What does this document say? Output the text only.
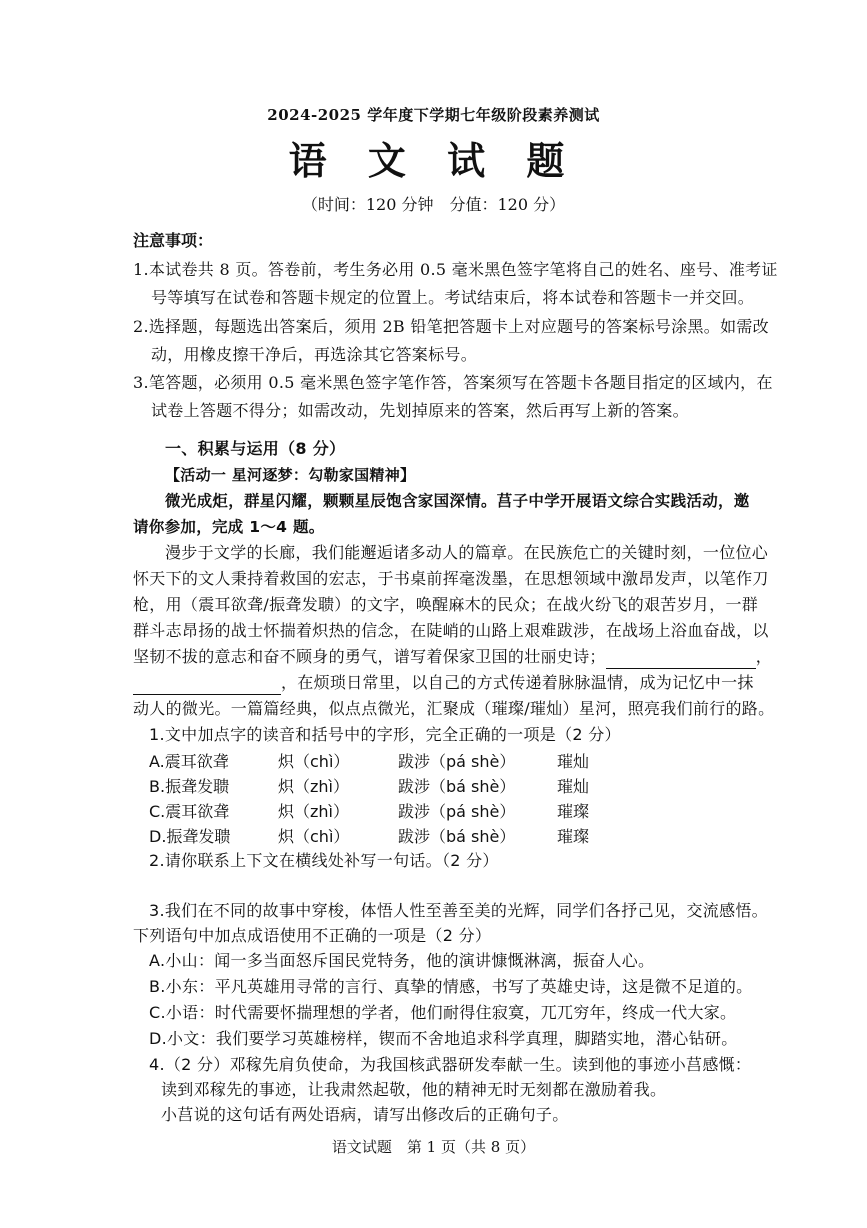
2024-2025 学年度下学期七年级阶段素养测试
语 文 试 题
（时间：120 分钟　分值：120 分）
注意事项：
1.本试卷共 8 页。答卷前，考生务必用 0.5 毫米黑色签字笔将自己的姓名、座号、准考证
号等填写在试卷和答题卡规定的位置上。考试结束后，将本试卷和答题卡一并交回。
2.选择题，每题选出答案后，须用 2B 铅笔把答题卡上对应题号的答案标号涂黑。如需改
动，用橡皮擦干净后，再选涂其它答案标号。
3.笔答题，必须用 0.5 毫米黑色签字笔作答，答案须写在答题卡各题目指定的区域内，在
试卷上答题不得分；如需改动，先划掉原来的答案，然后再写上新的答案。
一、积累与运用（8 分）
【活动一 星河逐梦：勾勒家国精神】
微光成炬，群星闪耀，颗颗星辰饱含家国深情。莒子中学开展语文综合实践活动，邀
请你参加，完成 1～4 题。
漫步于文学的长廊，我们能邂逅诸多动人的篇章。在民族危亡的关键时刻，一位位心
怀天下的文人秉持着救国的宏志，于书桌前挥毫泼墨，在思想领域中激昂发声，以笔作刀
枪，用（震耳欲聋/振聋发聩）的文字，唤醒麻木的民众；在战火纷飞的艰苦岁月，一群
群斗志昂扬的战士怀揣着炽热的信念，在陡峭的山路上艰难跋涉，在战场上浴血奋战，以
坚韧不拔的意志和奋不顾身的勇气，谱写着保家卫国的壮丽史诗；	，
，在烦琐日常里，以自己的方式传递着脉脉温情，成为记忆中一抹
动人的微光。一篇篇经典，似点点微光，汇聚成（璀璨/璀灿）星河，照亮我们前行的路。
1.文中加点字的读音和括号中的字形，完全正确的一项是（2 分）
A.震耳欲聋	炽（chì）	跋涉（pá shè）	璀灿
B.振聋发聩	炽（zhì）	跋涉（bá shè）	璀灿
C.震耳欲聋	炽（zhì）	跋涉（pá shè）	璀璨
D.振聋发聩	炽（chì）	跋涉（bá shè）	璀璨
2.请你联系上下文在横线处补写一句话。（2 分）
3.我们在不同的故事中穿梭，体悟人性至善至美的光辉，同学们各抒己见，交流感悟。
下列语句中加点成语使用不正确的一项是（2 分）
A.小山：闻一多当面怒斥国民党特务，他的演讲慷慨淋漓，振奋人心。
B.小东：平凡英雄用寻常的言行、真挚的情感，书写了英雄史诗，这是微不足道的。
C.小语：时代需要怀揣理想的学者，他们耐得住寂寞，兀兀穷年，终成一代大家。
D.小文：我们要学习英雄榜样，锲而不舍地追求科学真理，脚踏实地，潜心钻研。
4.（2 分）邓稼先肩负使命，为我国核武器研发奉献一生。读到他的事迹小莒感慨：
读到邓稼先的事迹，让我肃然起敬，他的精神无时无刻都在激励着我。
小莒说的这句话有两处语病，请写出修改后的正确句子。
语文试题　第 1 页（共 8 页）
